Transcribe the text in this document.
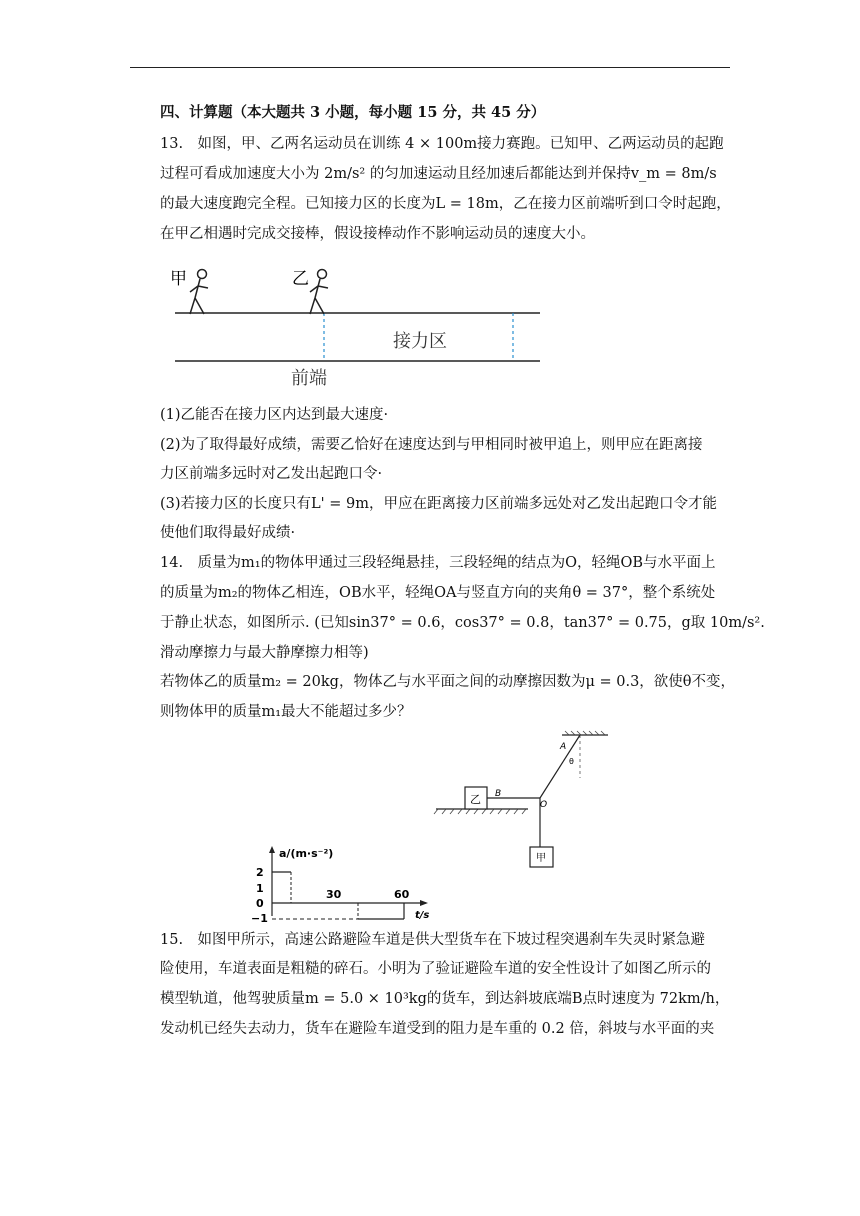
四、计算题（本大题共 3 小题，每小题 15 分，共 45 分）
13.　如图，甲、乙两名运动员在训练 4 × 100m接力赛跑。已知甲、乙两运动员的起跑
过程可看成加速度大小为 2m/s² 的匀加速运动且经加速后都能达到并保持v_m = 8m/s
的最大速度跑完全程。已知接力区的长度为L = 18m，乙在接力区前端听到口令时起跑，
在甲乙相遇时完成交接棒，假设接棒动作不影响运动员的速度大小。
甲	乙
接力区
前端
(1)乙能否在接力区内达到最大速度·
(2)为了取得最好成绩，需要乙恰好在速度达到与甲相同时被甲追上，则甲应在距离接
力区前端多远时对乙发出起跑口令·
(3)若接力区的长度只有L' = 9m，甲应在距离接力区前端多远处对乙发出起跑口令才能
使他们取得最好成绩·
14.　质量为m₁的物体甲通过三段轻绳悬挂，三段轻绳的结点为O，轻绳OB与水平面上
的质量为m₂的物体乙相连，OB水平，轻绳OA与竖直方向的夹角θ = 37°，整个系统处
于静止状态，如图所示. (已知sin37° = 0.6，cos37° = 0.8，tan37° = 0.75，g取 10m/s².
滑动摩擦力与最大静摩擦力相等)
若物体乙的质量m₂ = 20kg，物体乙与水平面之间的动摩擦因数为μ = 0.3，欲使θ不变，
则物体甲的质量m₁最大不能超过多少？
乙
甲
A
B
O
θ
a/(m·s⁻²)
2
1
0
−1
30	60
t/s
15.　如图甲所示，高速公路避险车道是供大型货车在下坡过程突遇刹车失灵时紧急避
险使用，车道表面是粗糙的碎石。小明为了验证避险车道的安全性设计了如图乙所示的
模型轨道，他驾驶质量m = 5.0 × 10³kg的货车，到达斜坡底端B点时速度为 72km/h，
发动机已经失去动力，货车在避险车道受到的阻力是车重的 0.2 倍，斜坡与水平面的夹
